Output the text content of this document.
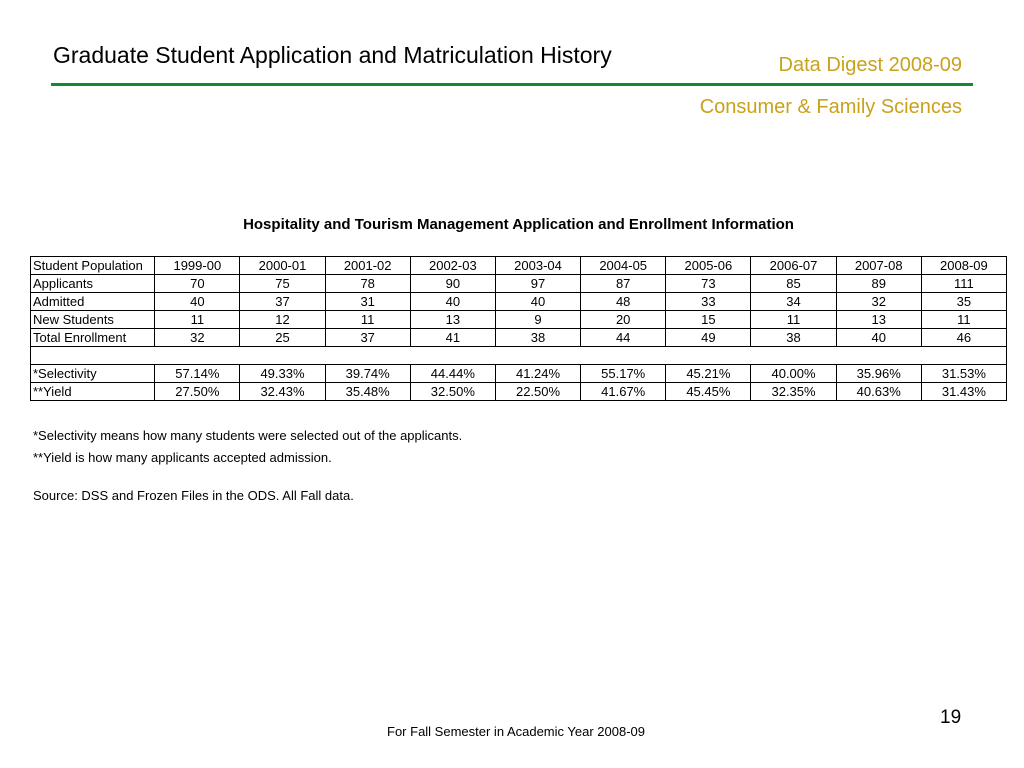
Graduate Student Application and Matriculation History	Data Digest 2008-09
Consumer & Family Sciences
Hospitality and Tourism Management Application and Enrollment Information
Student Population	1999-00	2000-01	2001-02	2002-03	2003-04	2004-05	2005-06	2006-07	2007-08	2008-09
Applicants	70	75	78	90	97	87	73	85	89	111
Admitted	40	37	31	40	40	48	33	34	32	35
New Students	11	12	11	13	9	20	15	11	13	11
Total Enrollment	32	25	37	41	38	44	49	38	40	46

*Selectivity	57.14%	49.33%	39.74%	44.44%	41.24%	55.17%	45.21%	40.00%	35.96%	31.53%
**Yield	27.50%	32.43%	35.48%	32.50%	22.50%	41.67%	45.45%	32.35%	40.63%	31.43%
*Selectivity means how many students were selected out of the applicants.
**Yield is how many applicants accepted admission.
Source: DSS and Frozen Files in the ODS. All Fall data.
19
For Fall Semester in Academic Year 2008-09
